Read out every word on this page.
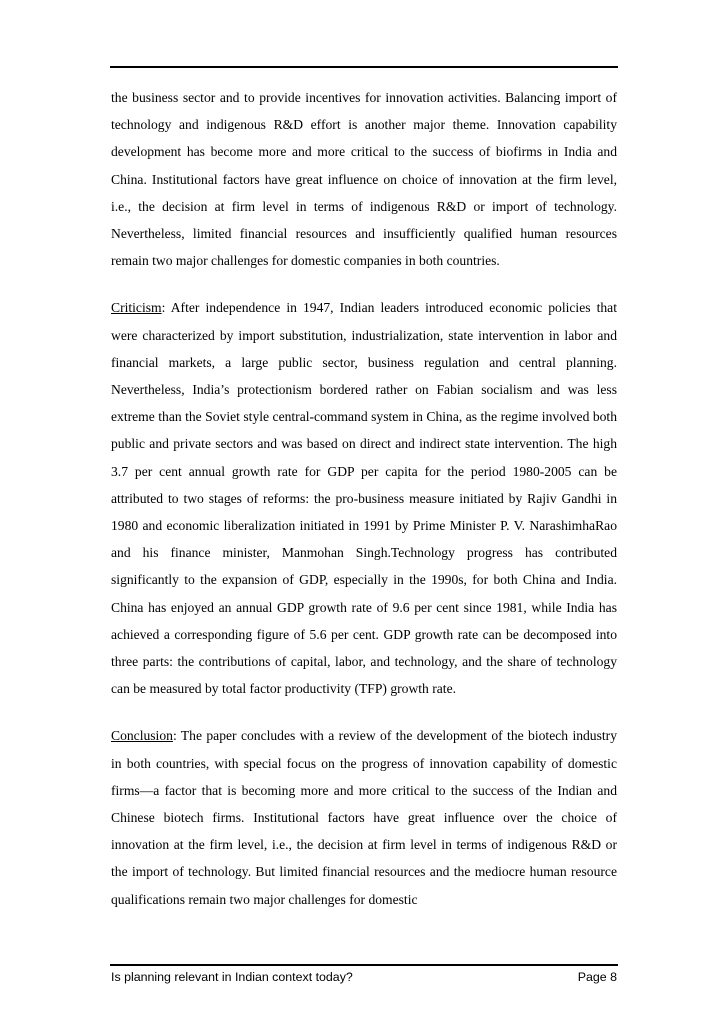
the business sector and to provide incentives for innovation activities. Balancing import of technology and indigenous R&D effort is another major theme. Innovation capability development has become more and more critical to the success of biofirms in India and China. Institutional factors have great influence on choice of innovation at the firm level, i.e., the decision at firm level in terms of indigenous R&D or import of technology. Nevertheless, limited financial resources and insufficiently qualified human resources remain two major challenges for domestic companies in both countries.

Criticism: After independence in 1947, Indian leaders introduced economic policies that were characterized by import substitution, industrialization, state intervention in labor and financial markets, a large public sector, business regulation and central planning. Nevertheless, India’s protectionism bordered rather on Fabian socialism and was less extreme than the Soviet style central-command system in China, as the regime involved both public and private sectors and was based on direct and indirect state intervention. The high 3.7 per cent annual growth rate for GDP per capita for the period 1980-2005 can be attributed to two stages of reforms: the pro-business measure initiated by Rajiv Gandhi in 1980 and economic liberalization initiated in 1991 by Prime Minister P. V. NarashimhaRao and his finance minister, Manmohan Singh.Technology progress has contributed significantly to the expansion of GDP, especially in the 1990s, for both China and India. China has enjoyed an annual GDP growth rate of 9.6 per cent since 1981, while India has achieved a corresponding figure of 5.6 per cent. GDP growth rate can be decomposed into three parts: the contributions of capital, labor, and technology, and the share of technology can be measured by total factor productivity (TFP) growth rate.

Conclusion: The paper concludes with a review of the development of the biotech industry in both countries, with special focus on the progress of innovation capability of domestic firms—a factor that is becoming more and more critical to the success of the Indian and Chinese biotech firms. Institutional factors have great influence over the choice of innovation at the firm level, i.e., the decision at firm level in terms of indigenous R&D or the import of technology. But limited financial resources and the mediocre human resource qualifications remain two major challenges for domestic

Is planning relevant in Indian context today?	Page 8
